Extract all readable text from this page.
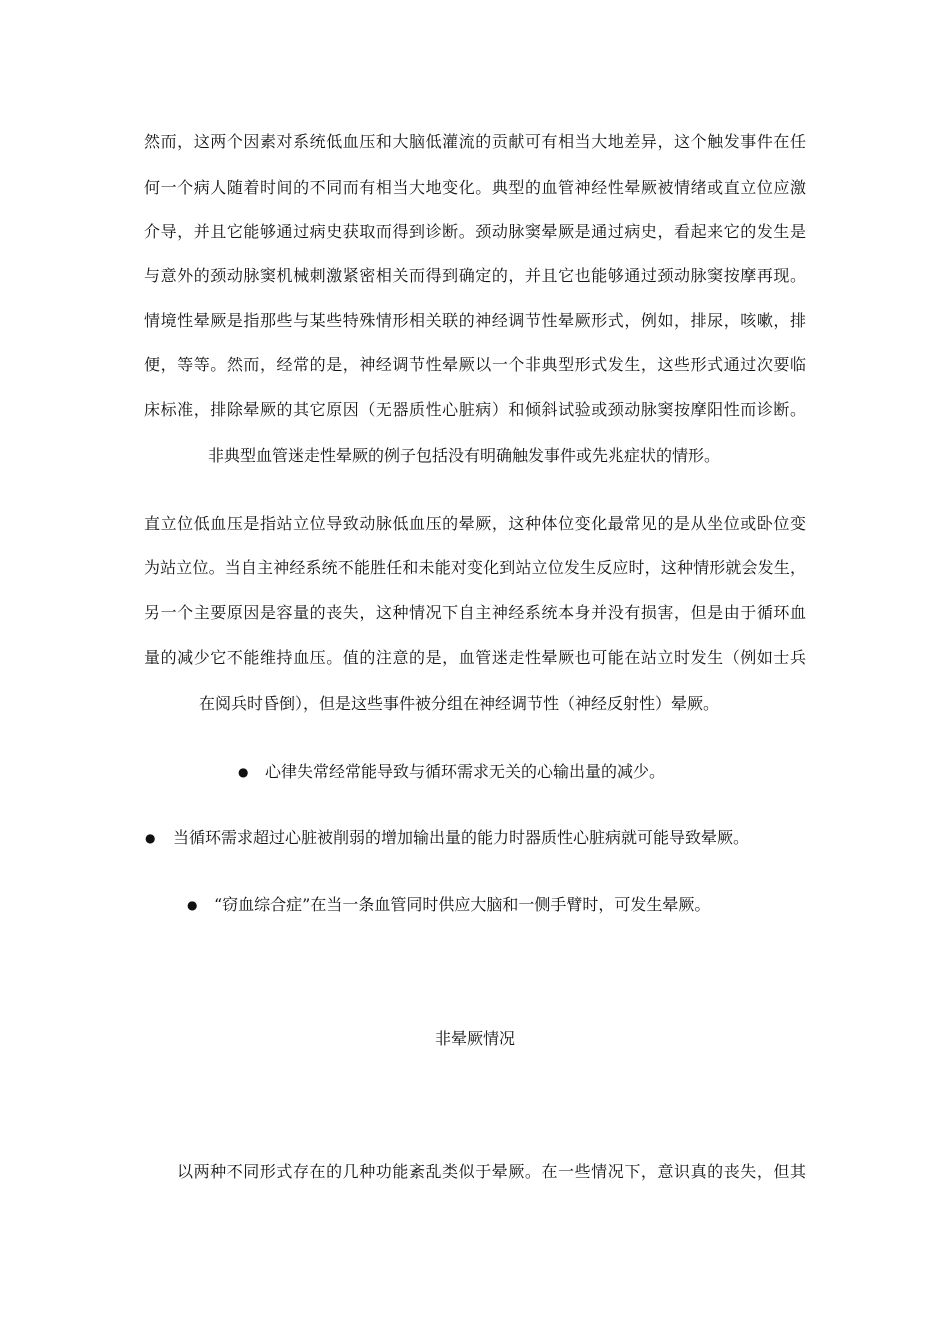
然而，这两个因素对系统低血压和大脑低灌流的贡献可有相当大地差异，这个触发事件在任
何一个病人随着时间的不同而有相当大地变化。典型的血管神经性晕厥被情绪或直立位应激
介导，并且它能够通过病史获取而得到诊断。颈动脉窦晕厥是通过病史，看起来它的发生是
与意外的颈动脉窦机械刺激紧密相关而得到确定的，并且它也能够通过颈动脉窦按摩再现。
情境性晕厥是指那些与某些特殊情形相关联的神经调节性晕厥形式，例如，排尿，咳嗽，排
便，等等。然而，经常的是，神经调节性晕厥以一个非典型形式发生，这些形式通过次要临
床标准，排除晕厥的其它原因（无器质性心脏病）和倾斜试验或颈动脉窦按摩阳性而诊断。
非典型血管迷走性晕厥的例子包括没有明确触发事件或先兆症状的情形。
直立位低血压是指站立位导致动脉低血压的晕厥，这种体位变化最常见的是从坐位或卧位变
为站立位。当自主神经系统不能胜任和未能对变化到站立位发生反应时，这种情形就会发生，
另一个主要原因是容量的丧失，这种情况下自主神经系统本身并没有损害，但是由于循环血
量的减少它不能维持血压。值的注意的是，血管迷走性晕厥也可能在站立时发生（例如士兵
在阅兵时昏倒），但是这些事件被分组在神经调节性（神经反射性）晕厥。
● 心律失常经常能导致与循环需求无关的心输出量的减少。
● 当循环需求超过心脏被削弱的增加输出量的能力时器质性心脏病就可能导致晕厥。
● “窃血综合症”在当一条血管同时供应大脑和一侧手臂时，可发生晕厥。
非晕厥情况
以两种不同形式存在的几种功能紊乱类似于晕厥。在一些情况下，意识真的丧失，但其
